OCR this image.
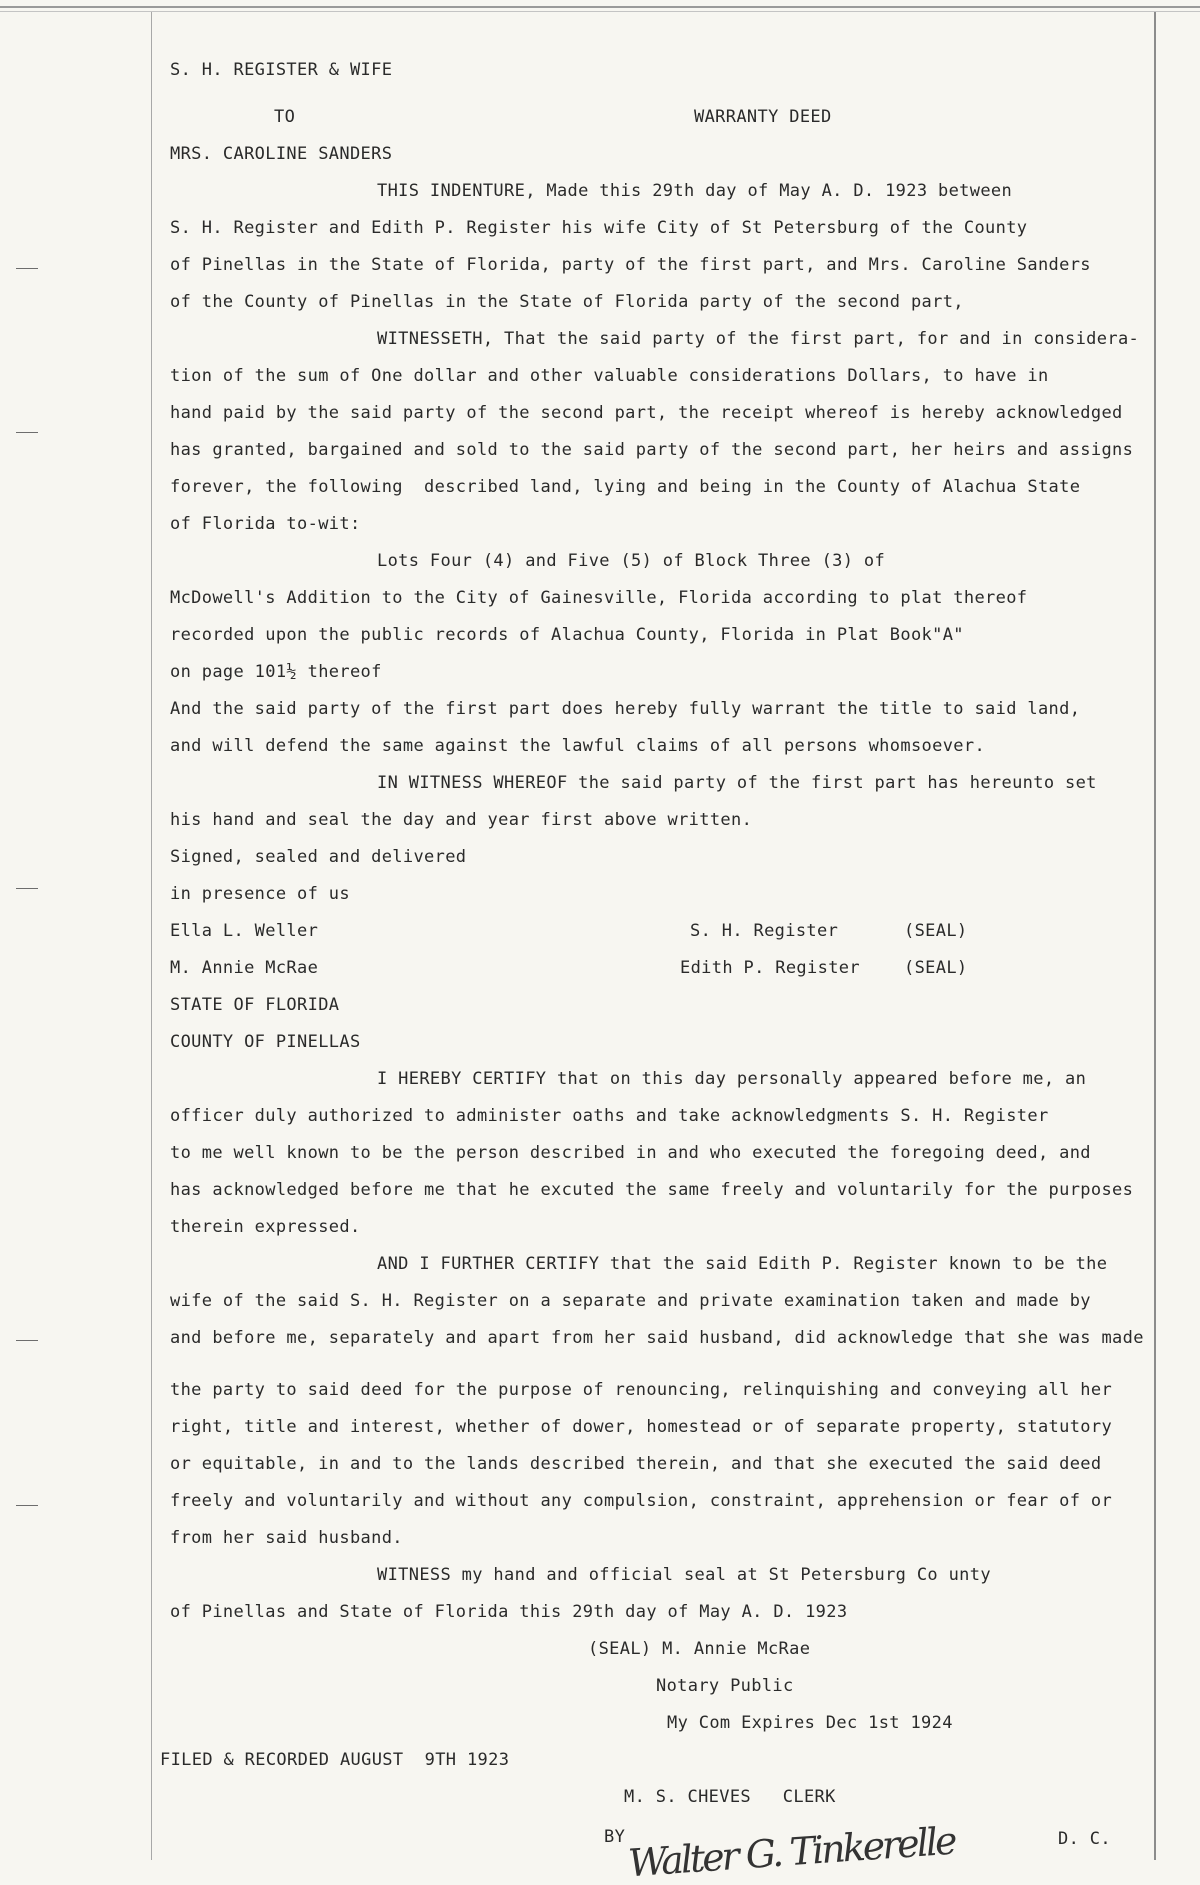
S. H. REGISTER & WIFE
TO	WARRANTY DEED
MRS. CAROLINE SANDERS
THIS INDENTURE, Made this 29th day of May A. D. 1923 between
S. H. Register and Edith P. Register his wife City of St Petersburg of the County
of Pinellas in the State of Florida, party of the first part, and Mrs. Caroline Sanders
of the County of Pinellas in the State of Florida party of the second part,
WITNESSETH, That the said party of the first part, for and in considera-
tion of the sum of One dollar and other valuable considerations Dollars, to have in
hand paid by the said party of the second part, the receipt whereof is hereby acknowledged
has granted, bargained and sold to the said party of the second part, her heirs and assigns
forever, the following  described land, lying and being in the County of Alachua State
of Florida to-wit:
Lots Four (4) and Five (5) of Block Three (3) of
McDowell's Addition to the City of Gainesville, Florida according to plat thereof
recorded upon the public records of Alachua County, Florida in Plat Book"A"
on page 101½ thereof
And the said party of the first part does hereby fully warrant the title to said land,
and will defend the same against the lawful claims of all persons whomsoever.
IN WITNESS WHEREOF the said party of the first part has hereunto set
his hand and seal the day and year first above written.
Signed, sealed and delivered
in presence of us
Ella L. Weller	S. H. Register	(SEAL)
M. Annie McRae	Edith P. Register	(SEAL)
STATE OF FLORIDA
COUNTY OF PINELLAS
I HEREBY CERTIFY that on this day personally appeared before me, an
officer duly authorized to administer oaths and take acknowledgments S. H. Register
to me well known to be the person described in and who executed the foregoing deed, and
has acknowledged before me that he excuted the same freely and voluntarily for the purposes
therein expressed.
AND I FURTHER CERTIFY that the said Edith P. Register known to be the
wife of the said S. H. Register on a separate and private examination taken and made by
and before me, separately and apart from her said husband, did acknowledge that she was made
the party to said deed for the purpose of renouncing, relinquishing and conveying all her
right, title and interest, whether of dower, homestead or of separate property, statutory
or equitable, in and to the lands described therein, and that she executed the said deed
freely and voluntarily and without any compulsion, constraint, apprehension or fear of or
from her said husband.
WITNESS my hand and official seal at St Petersburg Co unty
of Pinellas and State of Florida this 29th day of May A. D. 1923
(SEAL) M. Annie McRae
Notary Public
My Com Expires Dec 1st 1924
FILED & RECORDED AUGUST  9TH 1923
M. S. CHEVES   CLERK
BY Walter G. Tinkerelle	D. C.
